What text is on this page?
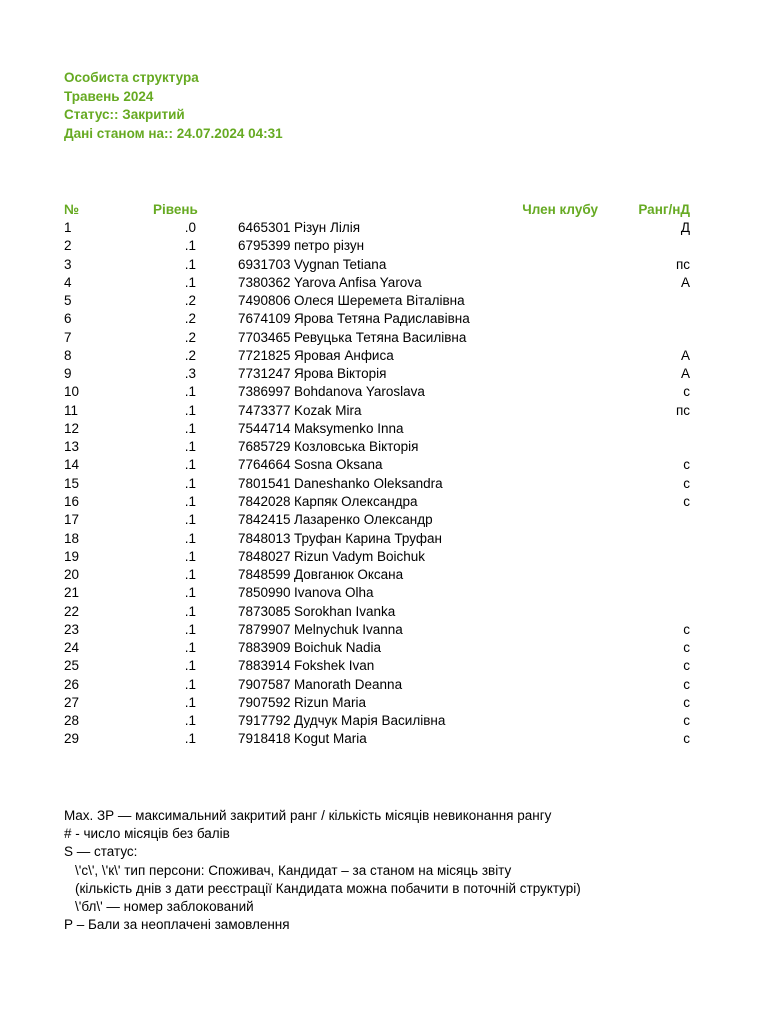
Особиста структура
Травень 2024
Статус:: Закритий
Дані станом на:: 24.07.2024 04:31
№	Рівень	Член клубу	Ранг/нД
1	.0	6465301 Різун Лілія	Д
2	.1	6795399 петро різун
3	.1	6931703 Vygnan Tetiana	пс
4	.1	7380362 Yarova Anfisa Yarova	А
5	.2	7490806 Олеся Шеремета Віталівна
6	.2	7674109 Ярова Тетяна Радиславівна
7	.2	7703465 Ревуцька Тетяна Василівна
8	.2	7721825 Яровая Анфиса	А
9	.3	7731247 Ярова Вікторія	А
10	.1	7386997 Bohdanova Yaroslava	с
11	.1	7473377 Kozak Mira	пс
12	.1	7544714 Maksymenko Inna
13	.1	7685729 Козловська Вікторія
14	.1	7764664 Sosna Oksana	с
15	.1	7801541 Daneshanko Oleksandra	с
16	.1	7842028 Карпяк Олександра	с
17	.1	7842415 Лазаренко Олександр
18	.1	7848013 Труфан Карина Труфан
19	.1	7848027 Rizun Vadym Boichuk
20	.1	7848599 Довганюк Оксана
21	.1	7850990 Ivanova Olha
22	.1	7873085 Sorokhan Ivanka
23	.1	7879907 Melnychuk Ivanna	с
24	.1	7883909 Boichuk Nadia	с
25	.1	7883914 Fokshek Ivan	с
26	.1	7907587 Manorath Deanna	с
27	.1	7907592 Rizun Maria	с
28	.1	7917792 Дудчук Марія Василівна	с
29	.1	7918418 Kogut Maria	с
Max. ЗР — максимальний закритий ранг / кількість місяців невиконання рангу
# - число місяців без балів
S — статус:
\'с\', \'к\' тип персони: Споживач, Кандидат – за станом на місяць звіту
(кількість днів з дати реєстрації Кандидата можна побачити в поточній структурі)
\'бл\' — номер заблокований
Р – Бали за неоплачені замовлення
